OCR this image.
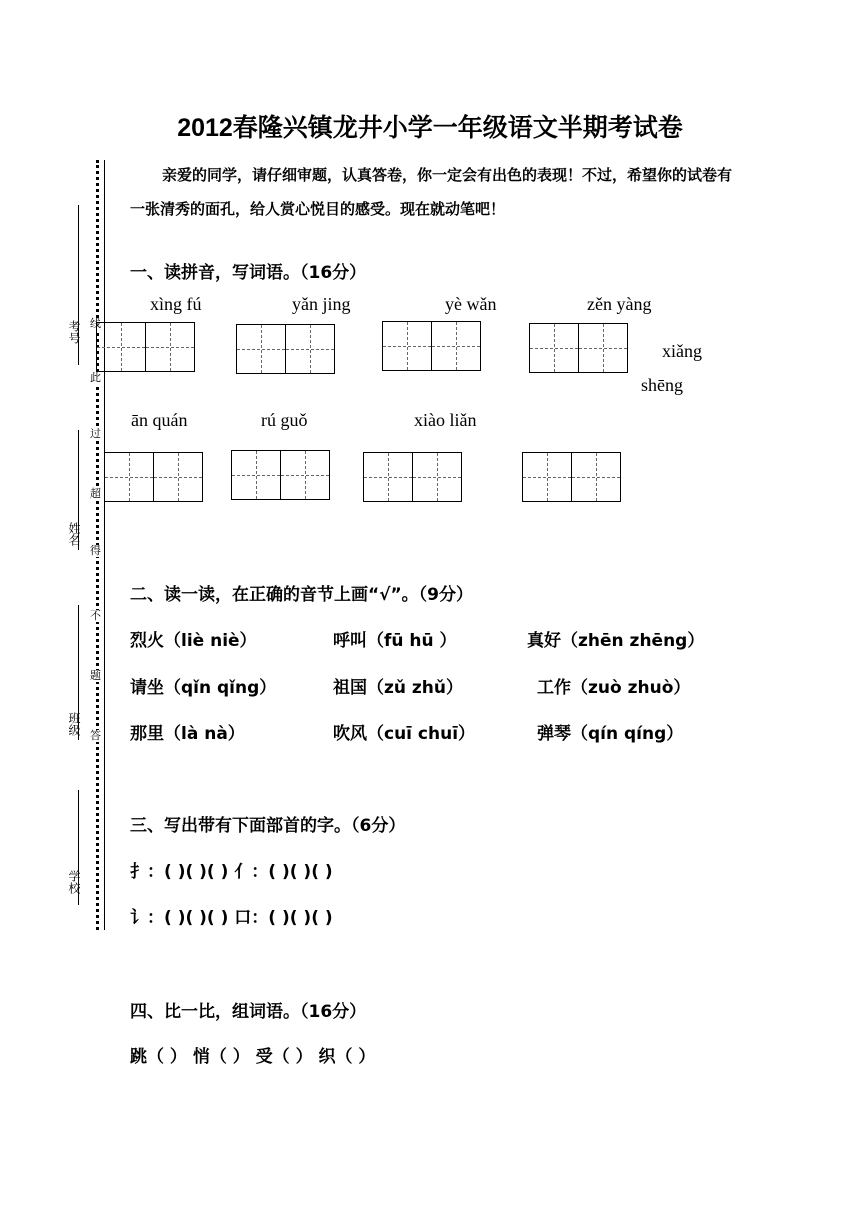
考号
姓名
班级
学校
线
此
过
超
得
不
题
答
2012春隆兴镇龙井小学一年级语文半期考试卷
亲爱的同学，请仔细审题，认真答卷，你一定会有出色的表现！不过，希望你的试卷有一张清秀的面孔，给人赏心悦目的感受。现在就动笔吧！
一、读拼音，写词语。（16分）
xìng fú	yǎn jing	yè wǎn	zěn yàng
xiǎng
shēng
ān quán	rú guǒ	xiào liǎn
二、读一读，在正确的音节上画“√”。（9分）
烈火（liè niè）	呼叫（fū hū ）	真好（zhēn zhēng）
请坐（qǐn qǐng）	祖国（zǔ zhǔ）	工作（zuò zhuò）
那里（là nà）	吹风（cuī chuī）	弹琴（qín qíng）
三、写出带有下面部首的字。（6分）
扌：( )( )( ) 亻：( )( )( )
讠：( )( )( ) 口：( )( )( )
四、比一比，组词语。（16分）
跳（ ） 悄（ ） 受（ ） 织（ ）
